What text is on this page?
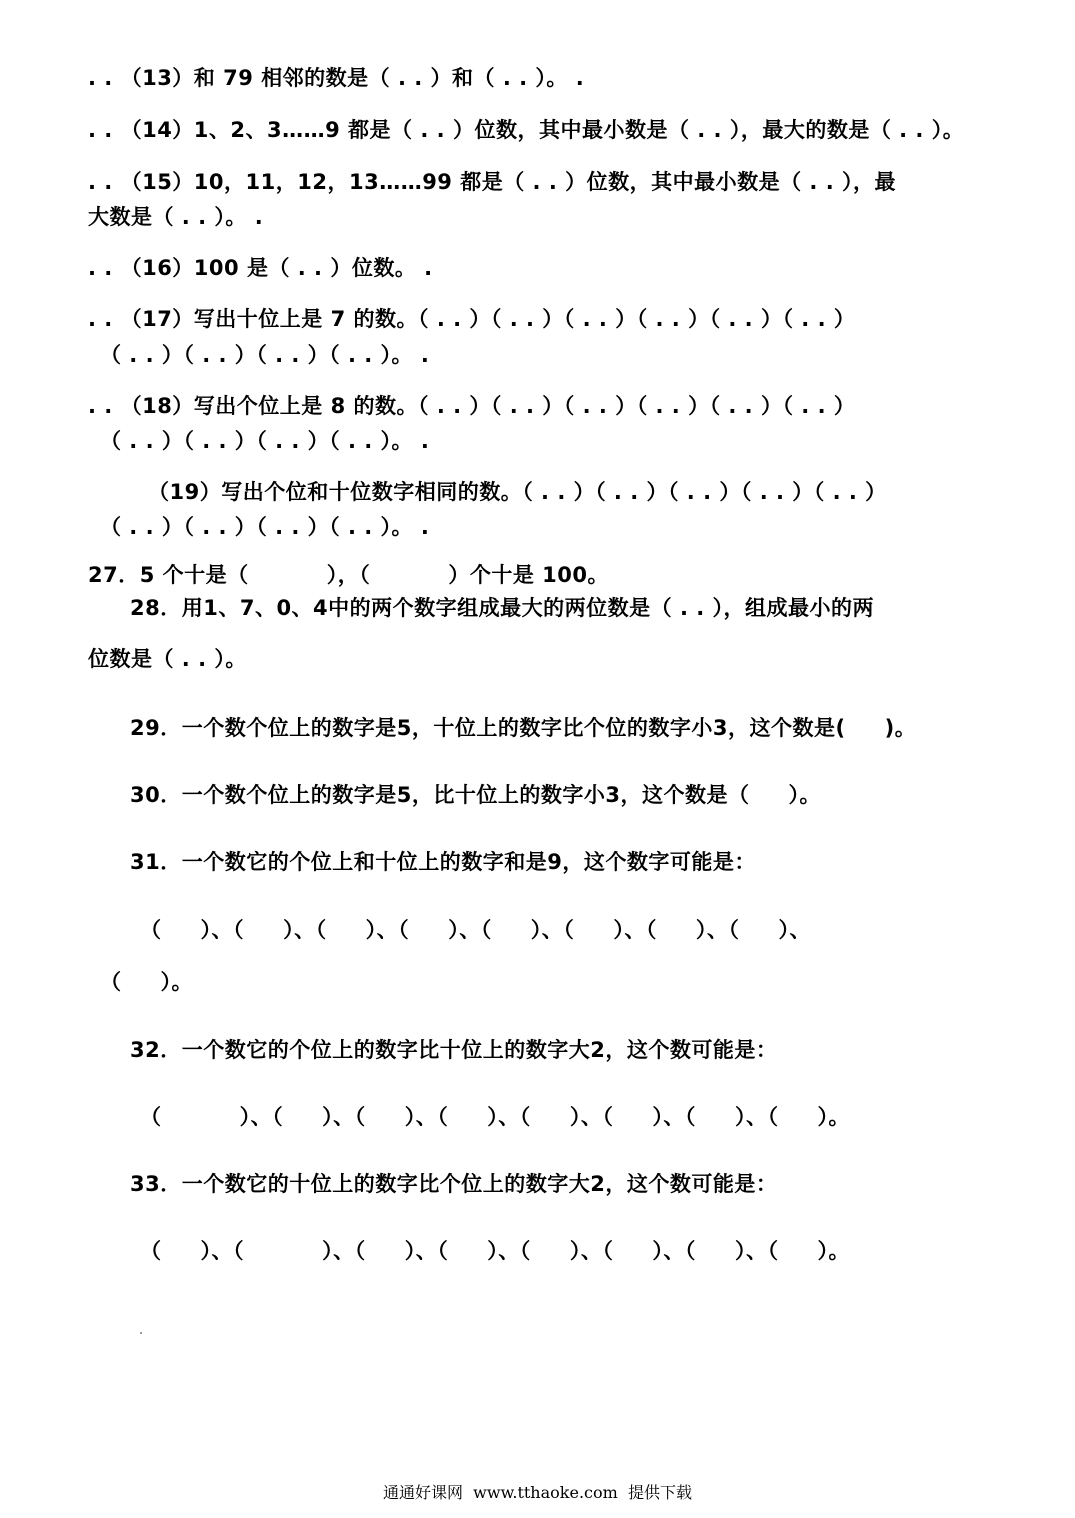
. . （13）和 79 相邻的数是（ . . ）和（ . . ）。 .
. . （14）1、2、3……9 都是（ . . ）位数，其中最小数是（ . . ），最大的数是（ . . ）。
. . （15）10，11，12，13……99 都是（ . . ）位数，其中最小数是（ . . ），最
大数是（ . . ）。 .
. . （16）100 是（ . . ）位数。 .
. . （17）写出十位上是 7 的数。（ . . ）（ . . ）（ . . ）（ . . ）（ . . ）（ . . ）
（ . . ）（ . . ）（ . . ）（ . . ）。 .
. . （18）写出个位上是 8 的数。（ . . ）（ . . ）（ . . ）（ . . ）（ . . ）（ . . ）
（ . . ）（ . . ）（ . . ）（ . . ）。 .
（19）写出个位和十位数字相同的数。（ . . ）（ . . ）（ . . ）（ . . ）（ . . ）
（ . . ）（ . . ）（ . . ）（ . . ）。 .
27．5 个十是（          ），（          ）个十是 100。
28．用1、7、0、4中的两个数字组成最大的两位数是（ . . ），组成最小的两
位数是（ . . ）。
29．一个数个位上的数字是5，十位上的数字比个位的数字小3，这个数是(     )。
30．一个数个位上的数字是5，比十位上的数字小3，这个数是（     ）。
31．一个数它的个位上和十位上的数字和是9，这个数字可能是：
（     ）、（     ）、（     ）、（     ）、（     ）、（     ）、（     ）、（     ）、
（     ）。
32．一个数它的个位上的数字比十位上的数字大2，这个数可能是：
（          ）、（     ）、（     ）、（     ）、（     ）、（     ）、（     ）、（     ）。
33．一个数它的十位上的数字比个位上的数字大2，这个数可能是：
（     ）、（          ）、（     ）、（     ）、（     ）、（     ）、（     ）、（     ）。
通通好课网  www.tthaoke.com  提供下载
